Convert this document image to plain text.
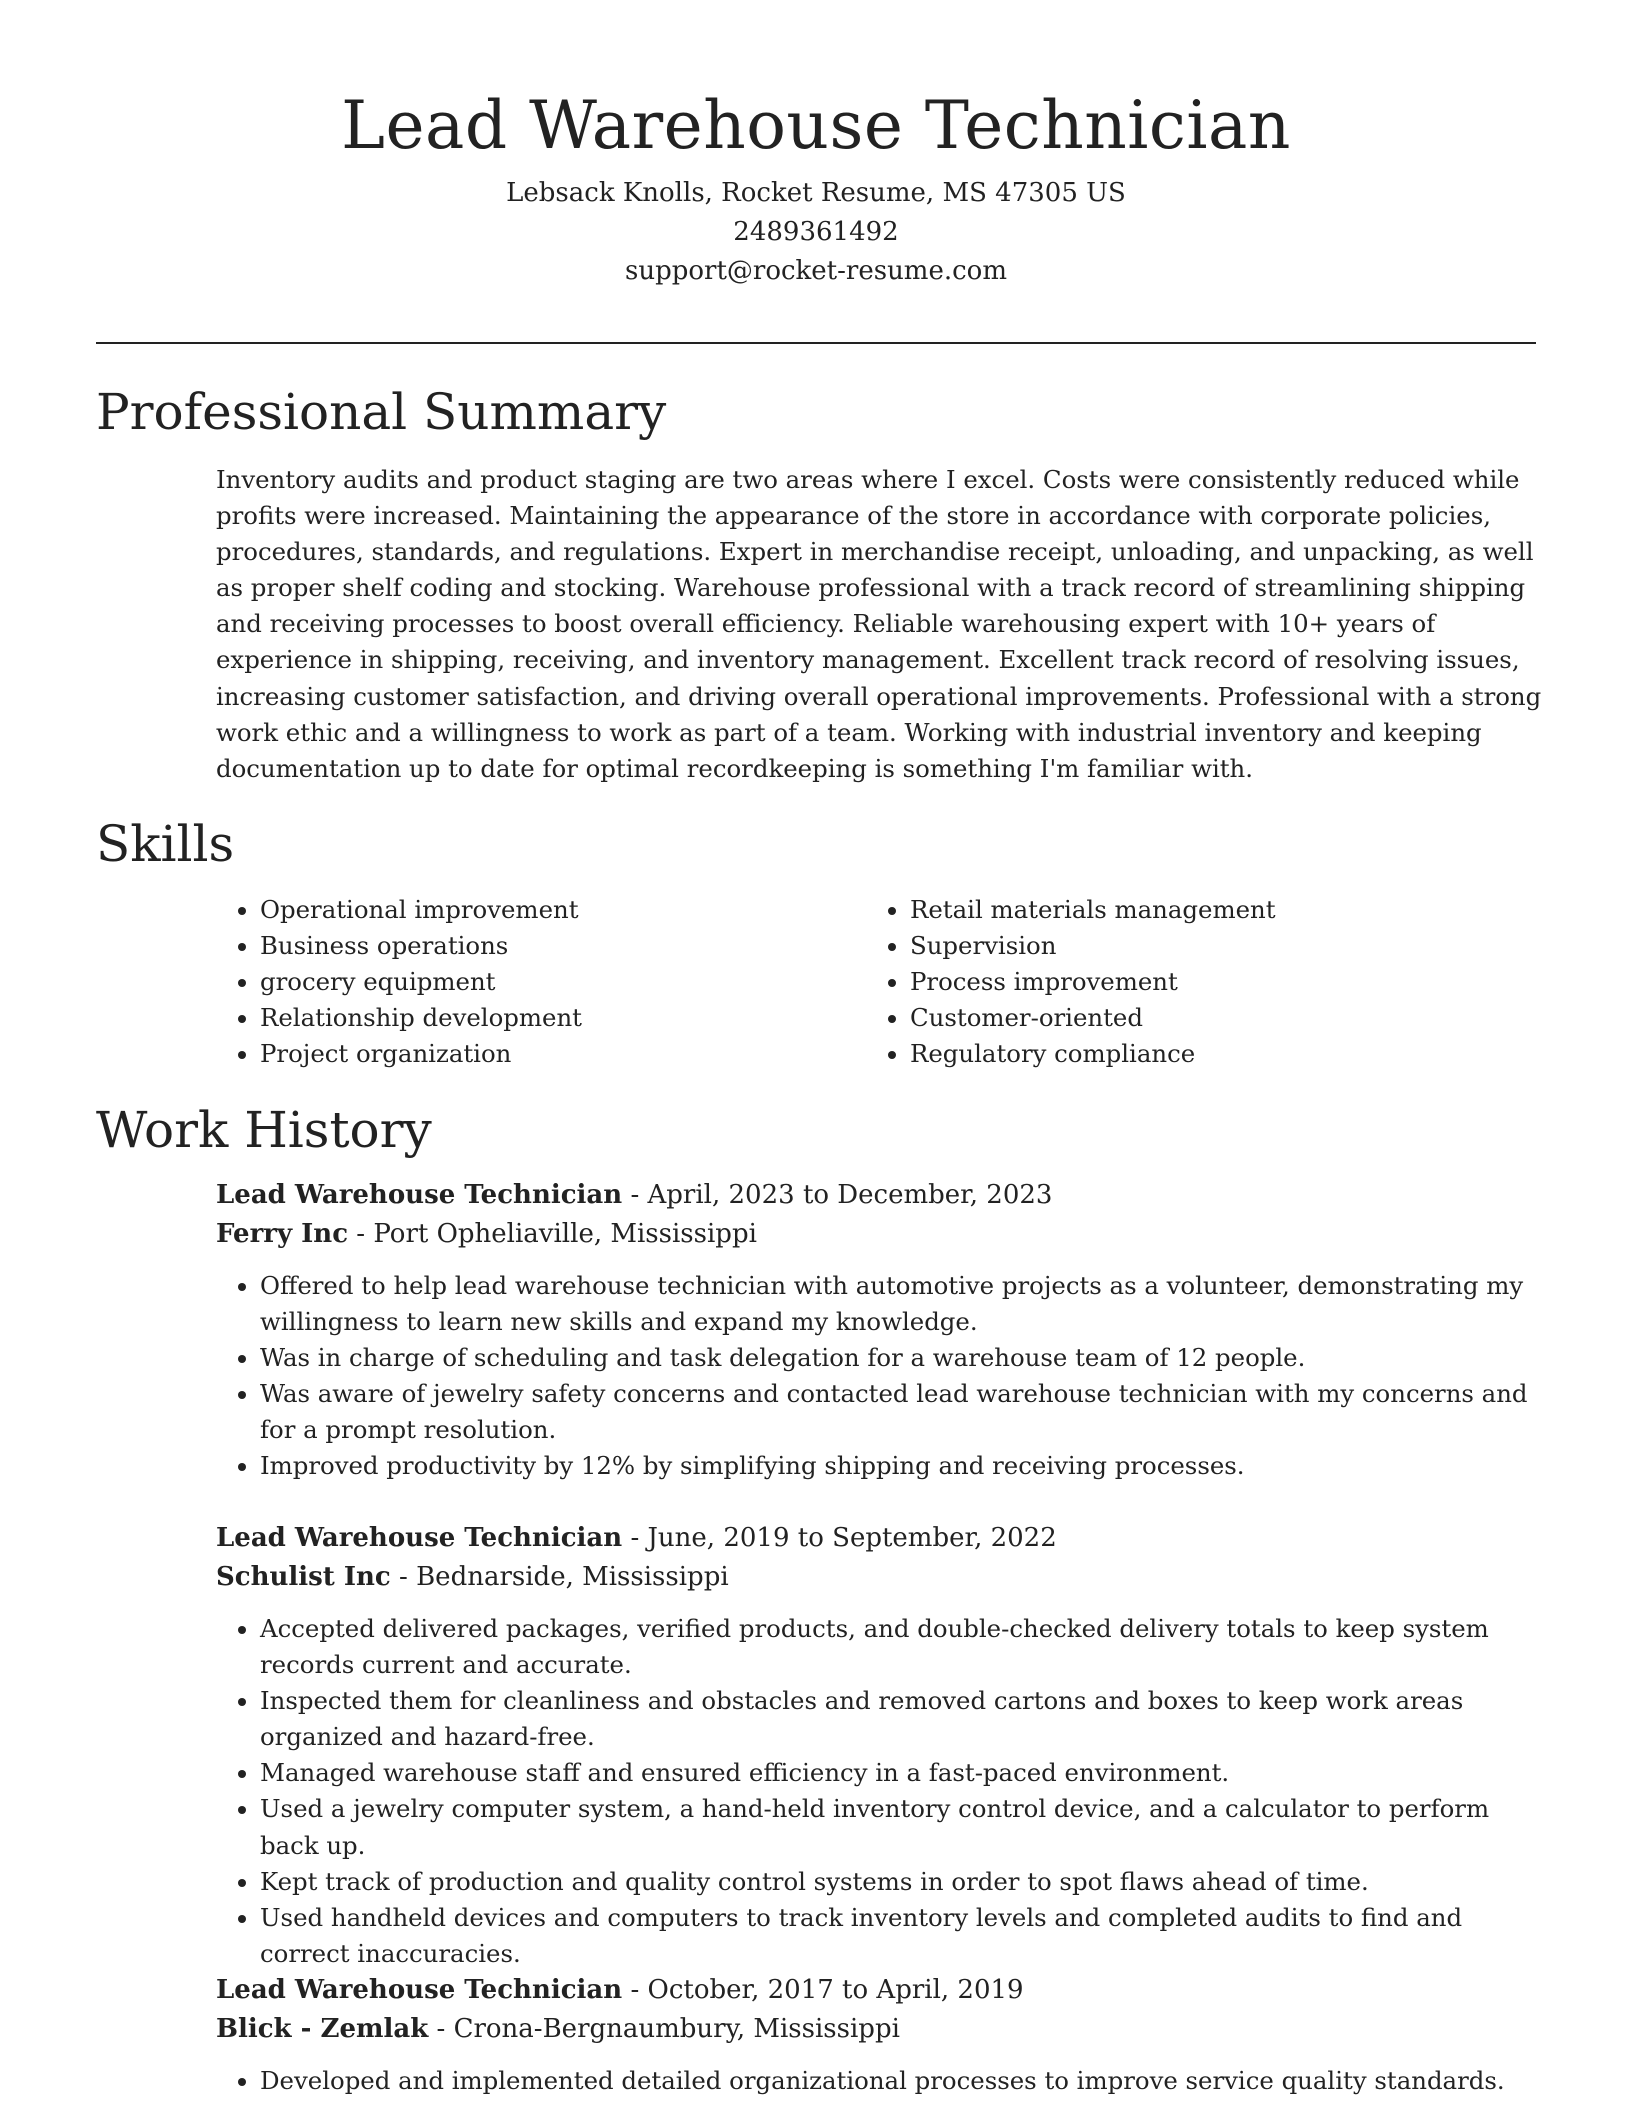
Lead Warehouse Technician
Lebsack Knolls, Rocket Resume, MS 47305 US
2489361492
support@rocket-resume.com
Professional Summary

Inventory audits and product staging are two areas where I excel. Costs were consistently reduced while profits were increased. Maintaining the appearance of the store in accordance with corporate policies, procedures, standards, and regulations. Expert in merchandise receipt, unloading, and unpacking, as well as proper shelf coding and stocking. Warehouse professional with a track record of streamlining shipping and receiving processes to boost overall efficiency. Reliable warehousing expert with 10+ years of experience in shipping, receiving, and inventory management. Excellent track record of resolving issues, increasing customer satisfaction, and driving overall operational improvements. Professional with a strong work ethic and a willingness to work as part of a team. Working with industrial inventory and keeping documentation up to date for optimal recordkeeping is something I'm familiar with.

Skills
• Operational improvement
• Business operations
• grocery equipment
• Relationship development
• Project organization
• Retail materials management
• Supervision
• Process improvement
• Customer-oriented
• Regulatory compliance
Work History
Lead Warehouse Technician - April, 2023 to December, 2023
Ferry Inc - Port Opheliaville, Mississippi
• Offered to help lead warehouse technician with automotive projects as a volunteer, demonstrating my willingness to learn new skills and expand my knowledge.
• Was in charge of scheduling and task delegation for a warehouse team of 12 people.
• Was aware of jewelry safety concerns and contacted lead warehouse technician with my concerns and for a prompt resolution.
• Improved productivity by 12% by simplifying shipping and receiving processes.
Lead Warehouse Technician - June, 2019 to September, 2022
Schulist Inc - Bednarside, Mississippi
• Accepted delivered packages, verified products, and double-checked delivery totals to keep system records current and accurate.
• Inspected them for cleanliness and obstacles and removed cartons and boxes to keep work areas organized and hazard-free.
• Managed warehouse staff and ensured efficiency in a fast-paced environment.
• Used a jewelry computer system, a hand-held inventory control device, and a calculator to perform back up.
• Kept track of production and quality control systems in order to spot flaws ahead of time.
• Used handheld devices and computers to track inventory levels and completed audits to find and correct inaccuracies.
Lead Warehouse Technician - October, 2017 to April, 2019
Blick - Zemlak - Crona-Bergnaumbury, Mississippi
• Developed and implemented detailed organizational processes to improve service quality standards.
